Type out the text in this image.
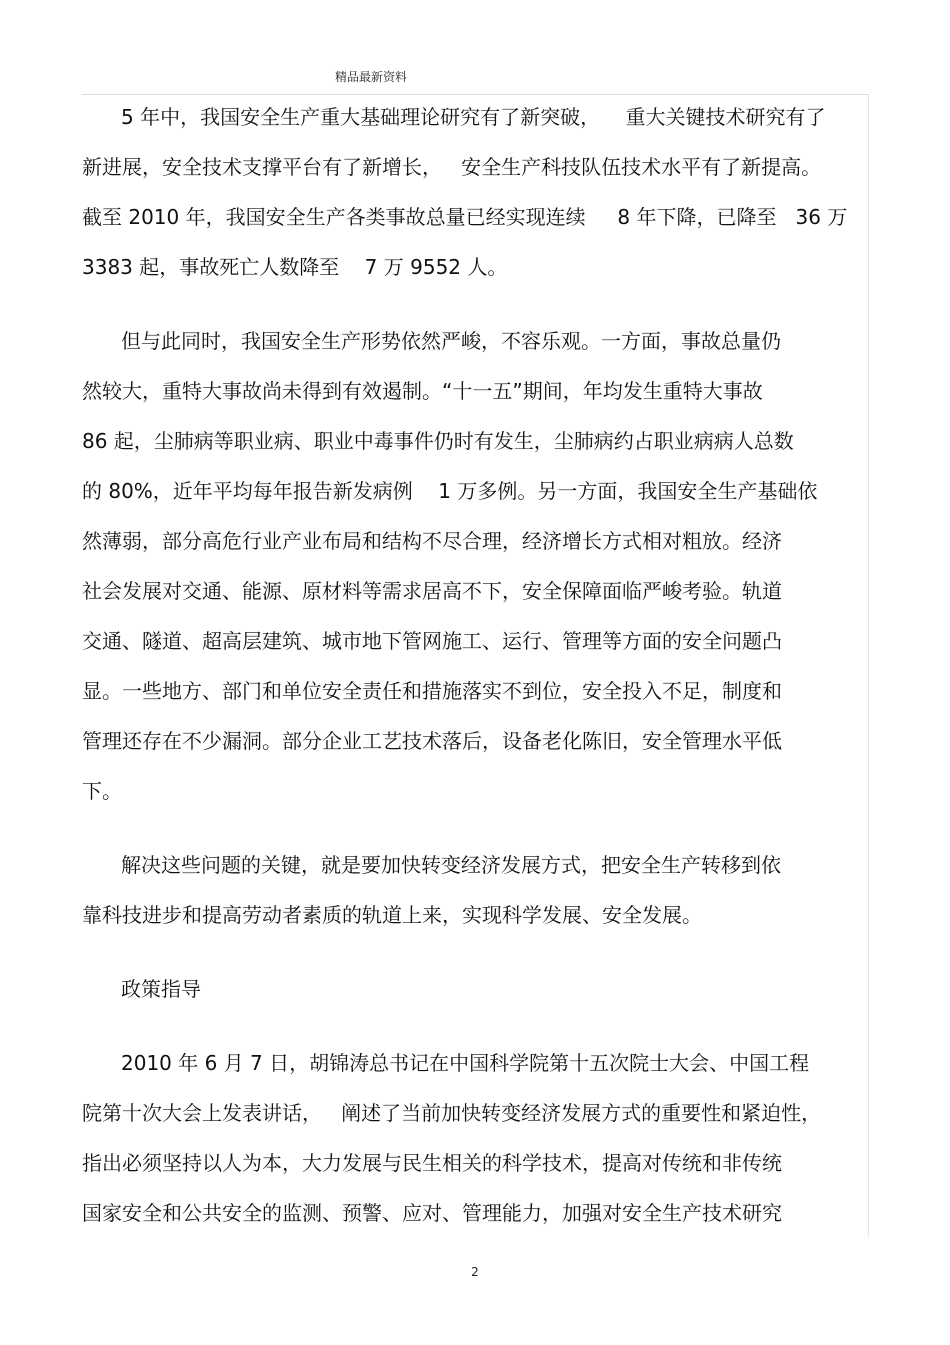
精品最新资料
5 年中，我国安全生产重大基础理论研究有了新突破，    重大关键技术研究有了
新进展，安全技术支撑平台有了新增长，   安全生产科技队伍技术水平有了新提高。
截至 2010 年，我国安全生产各类事故总量已经实现连续     8 年下降，已降至   36 万
3383 起，事故死亡人数降至    7 万 9552 人。
但与此同时，我国安全生产形势依然严峻，不容乐观。一方面，事故总量仍
然较大，重特大事故尚未得到有效遏制。“十一五”期间，年均发生重特大事故
86 起，尘肺病等职业病、职业中毒事件仍时有发生，尘肺病约占职业病病人总数
的 80%，近年平均每年报告新发病例    1 万多例。另一方面，我国安全生产基础依
然薄弱，部分高危行业产业布局和结构不尽合理，经济增长方式相对粗放。经济
社会发展对交通、能源、原材料等需求居高不下，安全保障面临严峻考验。轨道
交通、隧道、超高层建筑、城市地下管网施工、运行、管理等方面的安全问题凸
显。一些地方、部门和单位安全责任和措施落实不到位，安全投入不足，制度和
管理还存在不少漏洞。部分企业工艺技术落后，设备老化陈旧，安全管理水平低
下。
解决这些问题的关键，就是要加快转变经济发展方式，把安全生产转移到依
靠科技进步和提高劳动者素质的轨道上来，实现科学发展、安全发展。
政策指导
2010 年 6 月 7 日，胡锦涛总书记在中国科学院第十五次院士大会、中国工程
院第十次大会上发表讲话，   阐述了当前加快转变经济发展方式的重要性和紧迫性，
指出必须坚持以人为本，大力发展与民生相关的科学技术，提高对传统和非传统
国家安全和公共安全的监测、预警、应对、管理能力，加强对安全生产技术研究
2
